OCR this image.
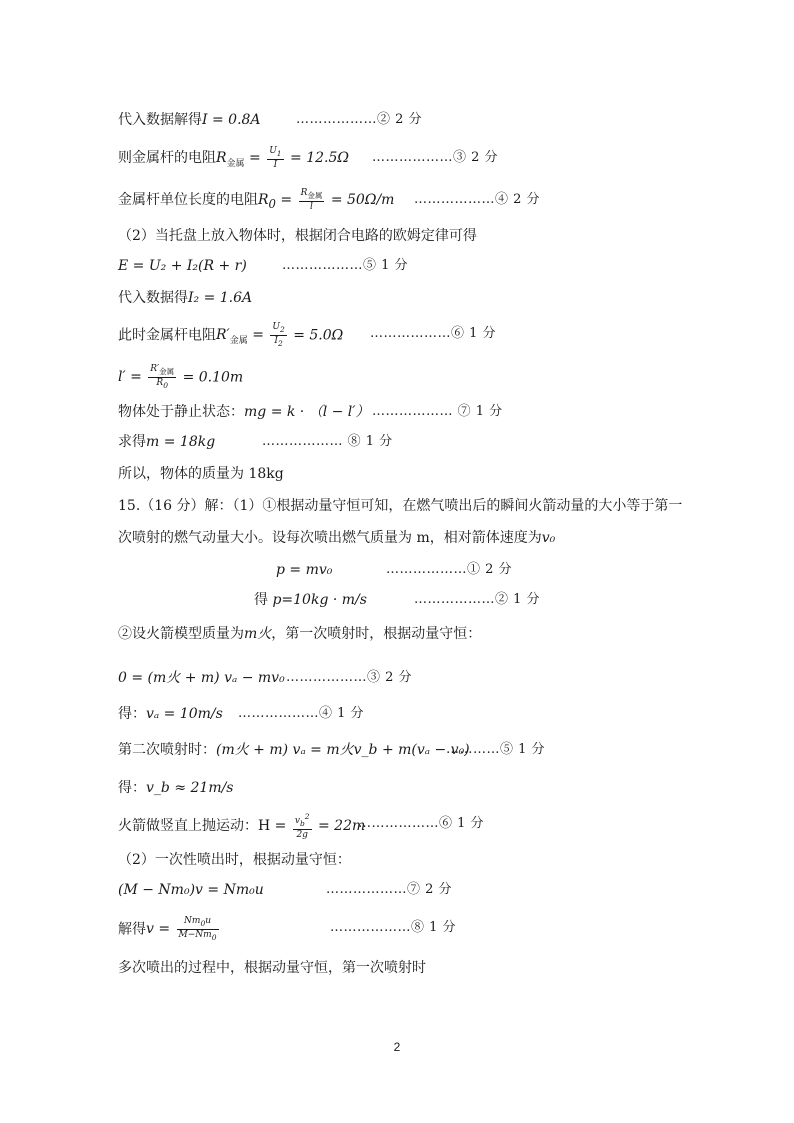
代入数据解得I = 0.8A	………………② 2 分
则金属杆的电阻$R_{金属} = \frac{U_1}{I} = 12.5\Omega$ ………………③ 2 分
金属杆单位长度的电阻$R_0 = \frac{R_{金属}}{l} = 50\Omega/m$ ………………④ 2 分
（2）当托盘上放入物体时，根据闭合电路的欧姆定律可得
E = U₂ + I₂(R + r)	………………⑤ 1 分
代入数据得I₂ = 1.6A
此时金属杆电阻$R'_{金属} = \frac{U_2}{I_2} = 5.0\Omega$ ………………⑥ 1 分
$l' = \frac{R'_{金属}}{R_0} = 0.10m$
物体处于静止状态：mg = k · （l − l′） ……………… ⑦ 1 分
求得m = 18kg	……………… ⑧ 1 分
所以，物体的质量为 18kg
15.（16 分）解：（1）①根据动量守恒可知，在燃气喷出后的瞬间火箭动量的大小等于第一
次喷射的燃气动量大小。设每次喷出燃气质量为 m，相对箭体速度为v₀
p = mv₀	………………① 2 分
得 p=10kg · m/s	………………② 1 分
②设火箭模型质量为m火，第一次喷射时，根据动量守恒：
0 = (m火 + m) vₐ − mv₀ ………………③ 2 分
得：vₐ = 10m/s ………………④ 1 分
第二次喷射时：(m火 + m) vₐ = m火v_b + m(vₐ − v₀)
…………⑤ 1 分
得：v_b ≈ 21m/s
火箭做竖直上抛运动：$H = \frac{v_b^2}{2g} = 22m$
………………⑥ 1 分
（2）一次性喷出时，根据动量守恒：
(M − Nm₀)v = Nm₀u	………………⑦ 2 分
解得$v = \frac{Nm_0u}{M-Nm_0}$	………………⑧ 1 分
多次喷出的过程中，根据动量守恒，第一次喷射时
2
